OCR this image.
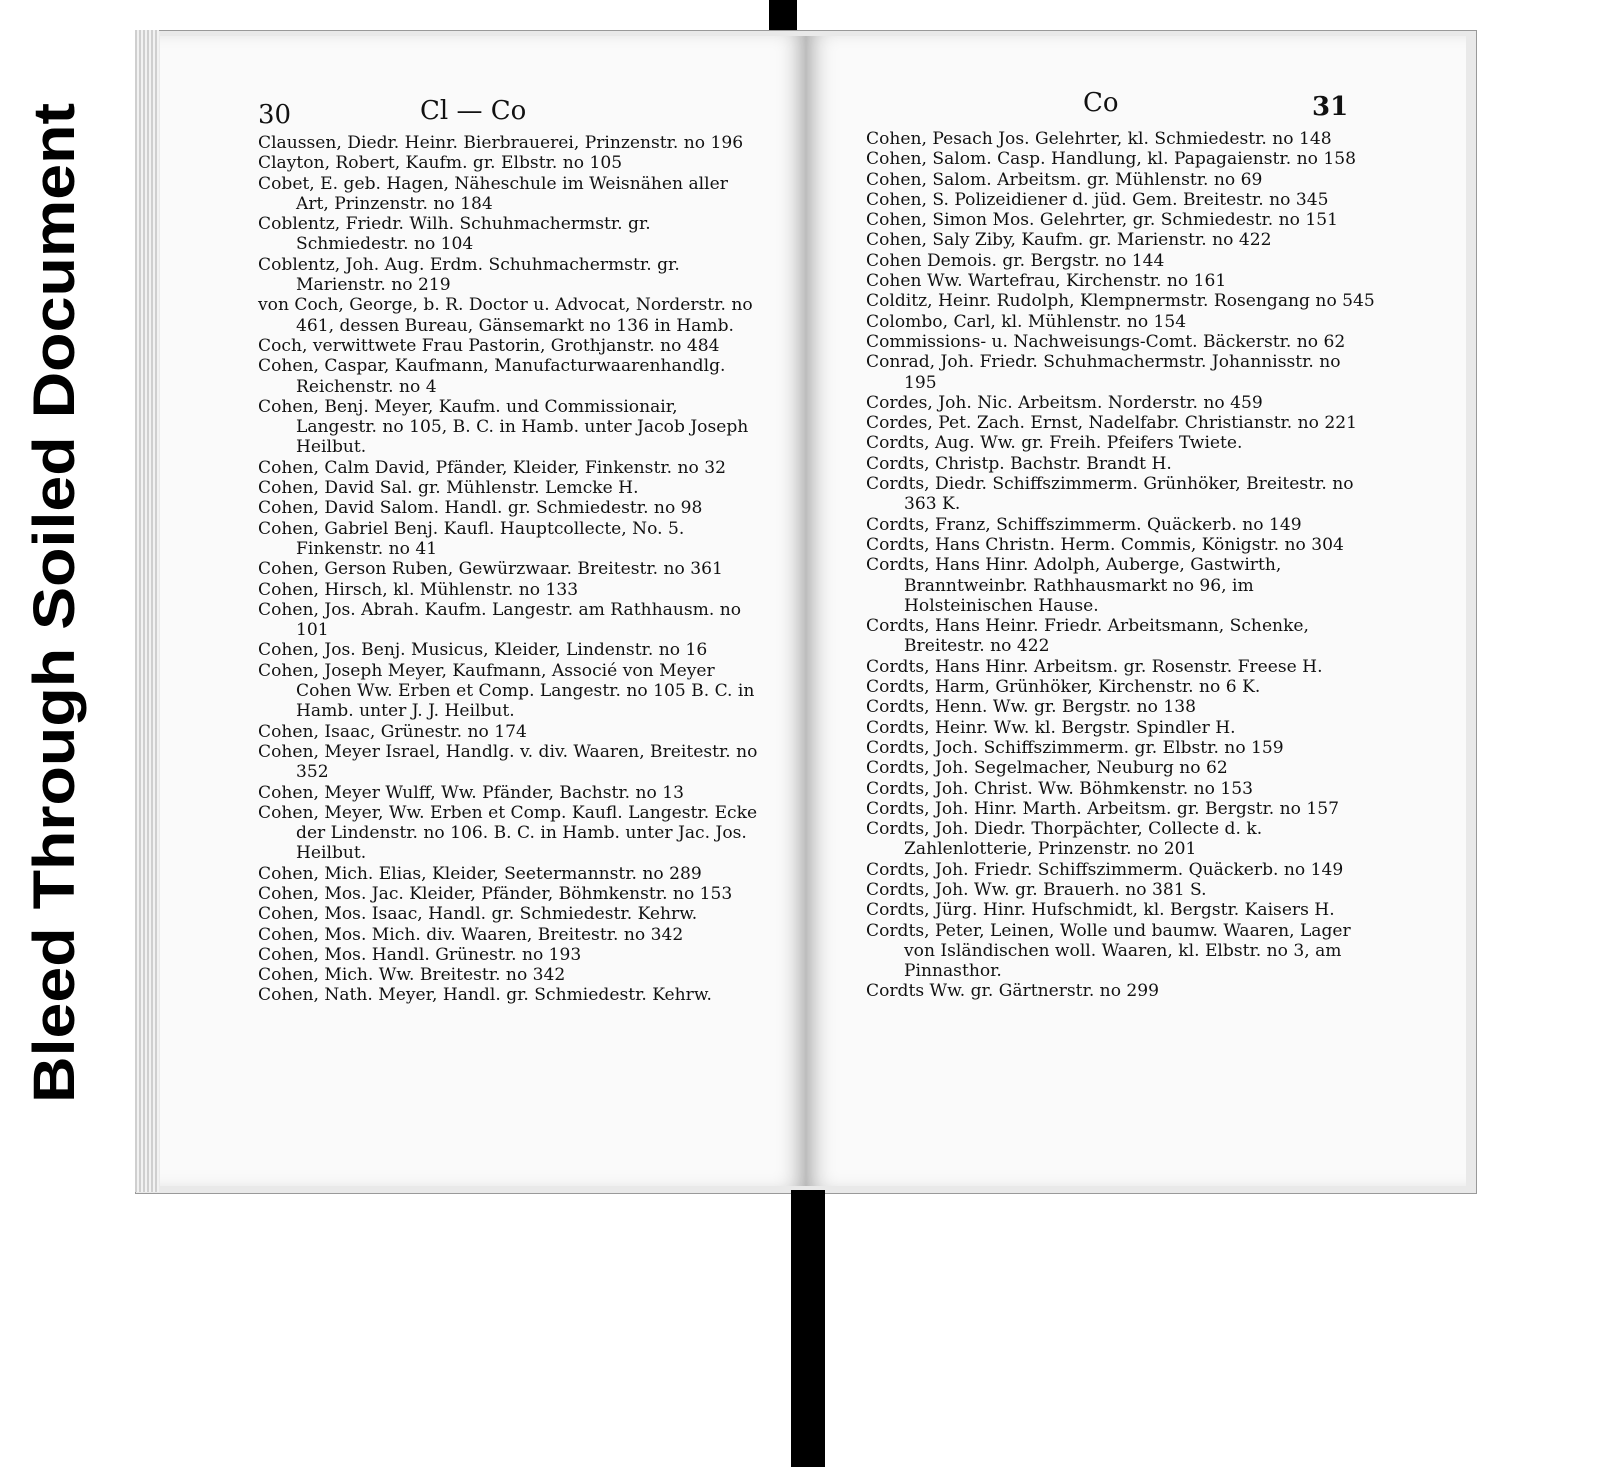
Bleed Through Soiled Document
30	Cl — Co

Claussen, Diedr. Heinr. Bierbrauerei, Prinzenstr. no 196

Clayton, Robert, Kaufm. gr. Elbstr. no 105

Cobet, E. geb. Hagen, Näheschule im Weisnähen aller Art, Prinzenstr. no 184

Coblentz, Friedr. Wilh. Schuhmachermstr. gr. Schmiedestr. no 104

Coblentz, Joh. Aug. Erdm. Schuhmachermstr. gr. Marienstr. no 219

von Coch, George, b. R. Doctor u. Advocat, Norderstr. no 461, dessen Bureau, Gänsemarkt no 136 in Hamb.

Coch, verwittwete Frau Pastorin, Grothjanstr. no 484

Cohen, Caspar, Kaufmann, Manufacturwaarenhandlg. Reichenstr. no 4

Cohen, Benj. Meyer, Kaufm. und Commissionair, Langestr. no 105, B. C. in Hamb. unter Jacob Joseph Heilbut.

Cohen, Calm David, Pfänder, Kleider, Finkenstr. no 32

Cohen, David Sal. gr. Mühlenstr. Lemcke H.

Cohen, David Salom. Handl. gr. Schmiedestr. no 98

Cohen, Gabriel Benj. Kaufl. Hauptcollecte, No. 5. Finkenstr. no 41

Cohen, Gerson Ruben, Gewürzwaar. Breitestr. no 361

Cohen, Hirsch, kl. Mühlenstr. no 133

Cohen, Jos. Abrah. Kaufm. Langestr. am Rathhausm. no 101

Cohen, Jos. Benj. Musicus, Kleider, Lindenstr. no 16

Cohen, Joseph Meyer, Kaufmann, Associé von Meyer Cohen Ww. Erben et Comp. Langestr. no 105 B. C. in Hamb. unter J. J. Heilbut.

Cohen, Isaac, Grünestr. no 174

Cohen, Meyer Israel, Handlg. v. div. Waaren, Breitestr. no 352

Cohen, Meyer Wulff, Ww. Pfänder, Bachstr. no 13

Cohen, Meyer, Ww. Erben et Comp. Kaufl. Langestr. Ecke der Lindenstr. no 106. B. C. in Hamb. unter Jac. Jos. Heilbut.

Cohen, Mich. Elias, Kleider, Seetermannstr. no 289

Cohen, Mos. Jac. Kleider, Pfänder, Böhmkenstr. no 153

Cohen, Mos. Isaac, Handl. gr. Schmiedestr. Kehrw.

Cohen, Mos. Mich. div. Waaren, Breitestr. no 342

Cohen, Mos. Handl. Grünestr. no 193

Cohen, Mich. Ww. Breitestr. no 342

Cohen, Nath. Meyer, Handl. gr. Schmiedestr. Kehrw.

Co	31

Cohen, Pesach Jos. Gelehrter, kl. Schmiedestr. no 148

Cohen, Salom. Casp. Handlung, kl. Papagaienstr. no 158

Cohen, Salom. Arbeitsm. gr. Mühlenstr. no 69

Cohen, S. Polizeidiener d. jüd. Gem. Breitestr. no 345

Cohen, Simon Mos. Gelehrter, gr. Schmiedestr. no 151

Cohen, Saly Ziby, Kaufm. gr. Marienstr. no 422

Cohen Demois. gr. Bergstr. no 144

Cohen Ww. Wartefrau, Kirchenstr. no 161

Colditz, Heinr. Rudolph, Klempnermstr. Rosengang no 545

Colombo, Carl, kl. Mühlenstr. no 154

Commissions- u. Nachweisungs-Comt. Bäckerstr. no 62

Conrad, Joh. Friedr. Schuhmachermstr. Johannisstr. no 195

Cordes, Joh. Nic. Arbeitsm. Norderstr. no 459

Cordes, Pet. Zach. Ernst, Nadelfabr. Christianstr. no 221

Cordts, Aug. Ww. gr. Freih. Pfeifers Twiete.

Cordts, Christp. Bachstr. Brandt H.

Cordts, Diedr. Schiffszimmerm. Grünhöker, Breitestr. no 363 K.

Cordts, Franz, Schiffszimmerm. Quäckerb. no 149

Cordts, Hans Christn. Herm. Commis, Königstr. no 304

Cordts, Hans Hinr. Adolph, Auberge, Gastwirth, Branntweinbr. Rathhausmarkt no 96, im Holsteinischen Hause.

Cordts, Hans Heinr. Friedr. Arbeitsmann, Schenke, Breitestr. no 422

Cordts, Hans Hinr. Arbeitsm. gr. Rosenstr. Freese H.

Cordts, Harm, Grünhöker, Kirchenstr. no 6 K.

Cordts, Henn. Ww. gr. Bergstr. no 138

Cordts, Heinr. Ww. kl. Bergstr. Spindler H.

Cordts, Joch. Schiffszimmerm. gr. Elbstr. no 159

Cordts, Joh. Segelmacher, Neuburg no 62

Cordts, Joh. Christ. Ww. Böhmkenstr. no 153

Cordts, Joh. Hinr. Marth. Arbeitsm. gr. Bergstr. no 157

Cordts, Joh. Diedr. Thorpächter, Collecte d. k. Zahlenlotterie, Prinzenstr. no 201

Cordts, Joh. Friedr. Schiffszimmerm. Quäckerb. no 149

Cordts, Joh. Ww. gr. Brauerh. no 381 S.

Cordts, Jürg. Hinr. Hufschmidt, kl. Bergstr. Kaisers H.

Cordts, Peter, Leinen, Wolle und baumw. Waaren, Lager von Isländischen woll. Waaren, kl. Elbstr. no 3, am Pinnasthor.

Cordts Ww. gr. Gärtnerstr. no 299
